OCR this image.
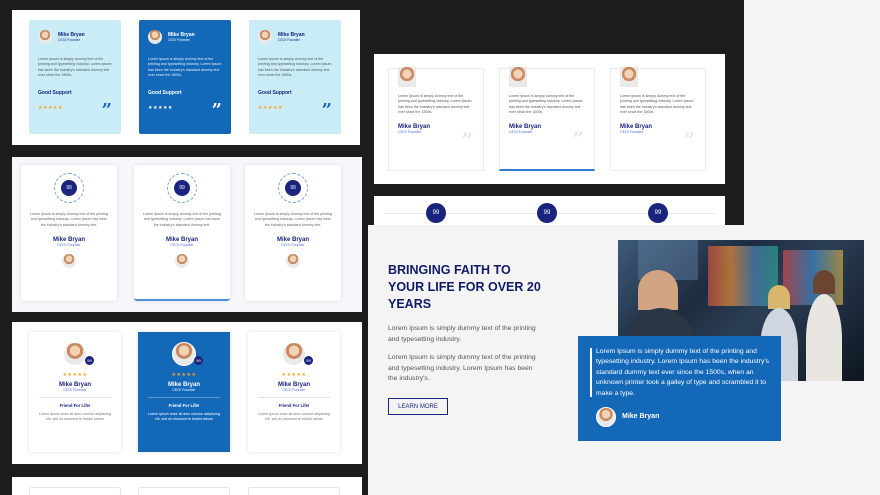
Mike Bryan
CEO/ Founder
Lorem Ipsum is simply dummy text of the printing and typesetting industry. Lorem Ipsum has been the industry's standard dummy text ever since the 1500s.
Good Support
★★★★★ ”
Mike Bryan
CEO/ Founder
Lorem Ipsum is simply dummy text of the printing and typesetting industry. Lorem Ipsum has been the industry's standard dummy text ever since the 1500s.
Good Support
★★★★★ ”
Mike Bryan
CEO/ Founder
Lorem Ipsum is simply dummy text of the printing and typesetting industry. Lorem Ipsum has been the industry's standard dummy text ever since the 1500s.
Good Support
★★★★★ ”
99
Lorem Ipsum is simply dummy text of the printing and typesetting industry. Lorem Ipsum has been the industry's standard dummy text.
Mike Bryan
CEO/ Founder
99
Lorem Ipsum is simply dummy text of the printing and typesetting industry. Lorem Ipsum has been the industry's standard dummy text.
Mike Bryan
CEO/ Founder
99
Lorem Ipsum is simply dummy text of the printing and typesetting industry. Lorem Ipsum has been the industry's standard dummy text.
Mike Bryan
CEO/ Founder
99
★★★★★
Mike Bryan
CEO/ Founder
Friend For Life!
Lorem ipsum dolor sit ame conctur adipiscing elit, sed do eiusmod te incidid labore
99
★★★★★
Mike Bryan
CEO/ Founder
Friend For Life!
Lorem ipsum dolor sit ame conctur adipiscing elit, sed do eiusmod te incidid labore
99
★★★★★
Mike Bryan
CEO/ Founder
Friend For Life!
Lorem ipsum dolor sit ame conctur adipiscing elit, sed do eiusmod te incidid labore
Lorem Ipsum is simply dummy text of the printing and typesetting industry. Lorem Ipsum has been the industry's standard dummy text ever since the 1500s.
Mike Bryan
CEO/ Founder	”
Lorem Ipsum is simply dummy text of the printing and typesetting industry. Lorem Ipsum has been the industry's standard dummy text ever since the 1500s.
Mike Bryan
CEO/ Founder	”
Lorem Ipsum is simply dummy text of the printing and typesetting industry. Lorem Ipsum has been the industry's standard dummy text ever since the 1500s.
Mike Bryan
CEO/ Founder	”
99	99	99
BRINGING FAITH TO YOUR LIFE FOR OVER 20 YEARS
Lorem Ipsum is simply dummy text of the printing and typesetting industry.
Lorem Ipsum is simply dummy text of the printing and typesetting industry. Lorem Ipsum has been the industry's.
LEARN MORE
Lorem Ipsum is simply dummy text of the printing and typesetting industry. Lorem Ipsum has been the industry's standard dummy text ever since the 1500s, when an unknown printer took a galley of type and scrambled it to make a type.
Mike Bryan
